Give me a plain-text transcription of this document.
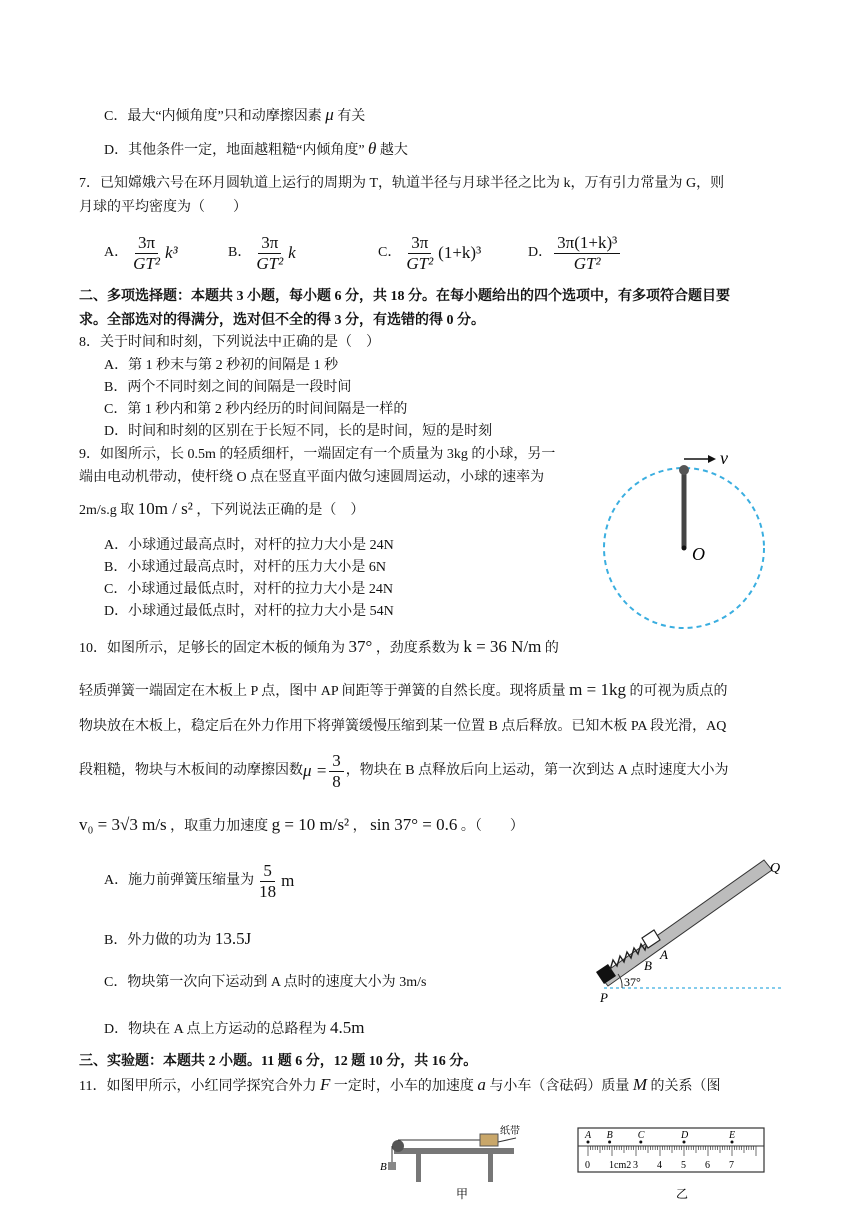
C．最大“内倾角度”只和动摩擦因素 μ 有关
D．其他条件一定，地面越粗糙“内倾角度” θ 越大
7．已知嫦娥六号在环月圆轨道上运行的周期为 T，轨道半径与月球半径之比为 k，万有引力常量为 G，则
月球的平均密度为（　　）
A． $\frac{3\pi}{\text{GT²}} k^3$	B． $\frac{3\pi}{\text{GT²}}$ k	C． $\frac{3\pi}{\text{GT²}} (1+k)^3$	D． $\frac{\text{3π(1+k)³}}{\text{GT²}}$
二、多项选择题：本题共 3 小题，每小题 6 分，共 18 分。在每小题给出的四个选项中，有多项符合题目要
求。全部选对的得满分，选对但不全的得 3 分，有选错的得 0 分。
8．关于时间和时刻，下列说法中正确的是（　）
A．第 1 秒末与第 2 秒初的间隔是 1 秒
B．两个不同时刻之间的间隔是一段时间
C．第 1 秒内和第 2 秒内经历的时间间隔是一样的
D．时间和时刻的区别在于长短不同，长的是时间，短的是时刻
9．如图所示，长 0.5m 的轻质细杆，一端固定有一个质量为 3kg 的小球，另一
端由电动机带动，使杆绕 O 点在竖直平面内做匀速圆周运动，小球的速率为
2m/s.g 取 10m / s² ，下列说法正确的是（　）
A．小球通过最高点时，对杆的拉力大小是 24N
B．小球通过最高点时，对杆的压力大小是 6N
C．小球通过最低点时，对杆的拉力大小是 24N
D．小球通过最低点时，对杆的拉力大小是 54N
v
O
10．如图所示，足够长的固定木板的倾角为 37° ，劲度系数为 k = 36 N/m 的
轻质弹簧一端固定在木板上 P 点，图中 AP 间距等于弹簧的自然长度。现将质量 m = 1kg 的可视为质点的
物块放在木板上，稳定后在外力作用下将弹簧缓慢压缩到某一位置 B 点后释放。已知木板 PA 段光滑，AQ
段粗糙，物块与木板间的动摩擦因数 $\mu = \frac{3}{8}$ ，物块在 B 点释放后向上运动，第一次到达 A 点时速度大小为
v₀ = 3√3 m/s ，取重力加速度 g = 10 m/s² ， sin 37° = 0.6 。（　　）
A．施力前弹簧压缩量为 $\frac{5}{18}$ m
B．外力做的功为 13.5J
C．物块第一次向下运动到 A 点时的速度大小为 3m/s
D．物块在 A 点上方运动的总路程为 4.5m
Q
A
B
P
37°
三、实验题：本题共 2 小题。11 题 6 分，12 题 10 分，共 16 分。
11．如图甲所示，小红同学探究合外力 F 一定时，小车的加速度 a 与小车（含砝码）质量 M 的关系（图
纸带
B
甲
A B	C	D	E
0 1cm2 3 4 5 6 7
乙
